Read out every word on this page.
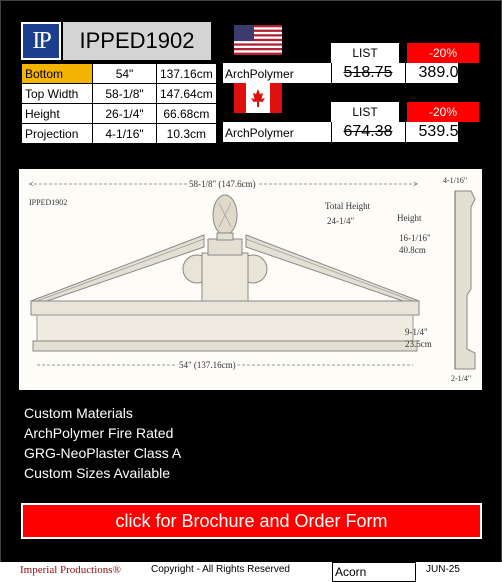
IP	IPPED1902
Bottom	54"	137.16cm
Top Width	58-1/8"	147.64cm
Height	26-1/4"	66.68cm
Projection	4-1/16"	10.3cm
LIST	-20%
ArchPolymer	518.75	389.07
LIST	-20%
ArchPolymer	674.38	539.50
<	>
58-1/8" (147.6cm)
IPPED1902
54" (137.16cm)
Total Height
24-1/4"	Height
16-1/16"
40.8cm
9-1/4"
23.5cm
4-1/16"
2-1/4"
Custom Materials
ArchPolymer Fire Rated
GRG-NeoPlaster Class A
Custom Sizes Available
click for Brochure and Order Form
Imperial Productions®	Copyright - All Rights Reserved	Acorn	JUN-25
